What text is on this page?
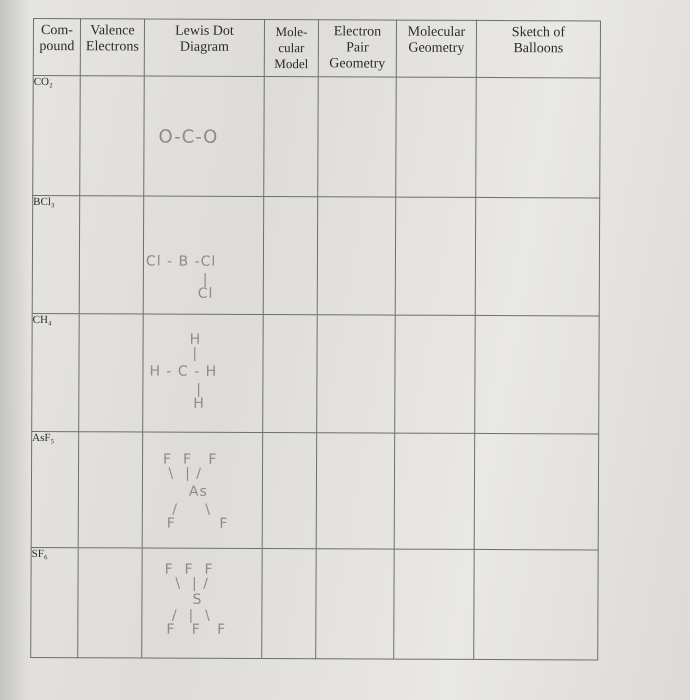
Com-
pound	Valence
Electrons	Lewis Dot
Diagram	Mole-
cular
Model	Electron
Pair
Geometry	Molecular
Geometry	Sketch of
Balloons

CO₂		O-C-O				

BCl₃		Cl - B -Cl
|
Cl				

CH₄		H
|
H - C - H
|
H				

AsF₅		F  F   F
\  | /
As
/     \
F        F				

SF₆		F  F  F
\  | /
S
/  |  \
F   F   F				
